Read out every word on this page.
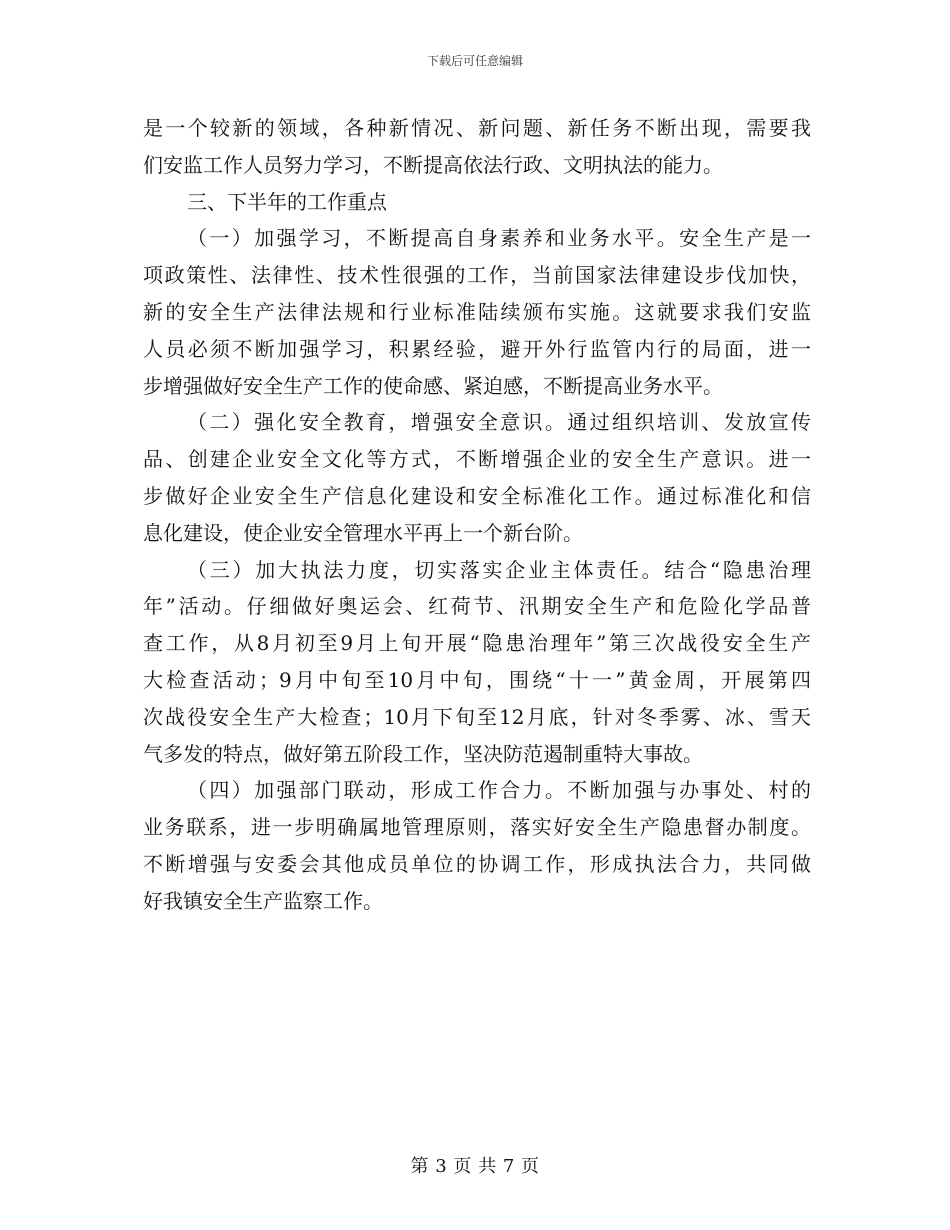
下载后可任意编辑
是一个较新的领域，各种新情况、新问题、新任务不断出现，需要我
们安监工作人员努力学习，不断提高依法行政、文明执法的能力。
三、下半年的工作重点
（一）加强学习，不断提高自身素养和业务水平。安全生产是一
项政策性、法律性、技术性很强的工作，当前国家法律建设步伐加快，
新的安全生产法律法规和行业标准陆续颁布实施。这就要求我们安监
人员必须不断加强学习，积累经验，避开外行监管内行的局面，进一
步增强做好安全生产工作的使命感、紧迫感，不断提高业务水平。
（二）强化安全教育，增强安全意识。通过组织培训、发放宣传
品、创建企业安全文化等方式，不断增强企业的安全生产意识。进一
步做好企业安全生产信息化建设和安全标准化工作。通过标准化和信
息化建设，使企业安全管理水平再上一个新台阶。
（三）加大执法力度，切实落实企业主体责任。结合“隐患治理
年”活动。仔细做好奥运会、红荷节、汛期安全生产和危险化学品普
查工作，从8月初至9月上旬开展“隐患治理年”第三次战役安全生产
大检查活动；9月中旬至10月中旬，围绕“十一”黄金周，开展第四
次战役安全生产大检查；10月下旬至12月底，针对冬季雾、冰、雪天
气多发的特点，做好第五阶段工作，坚决防范遏制重特大事故。
（四）加强部门联动，形成工作合力。不断加强与办事处、村的
业务联系，进一步明确属地管理原则，落实好安全生产隐患督办制度。
不断增强与安委会其他成员单位的协调工作，形成执法合力，共同做
好我镇安全生产监察工作。
第 3 页 共 7 页
